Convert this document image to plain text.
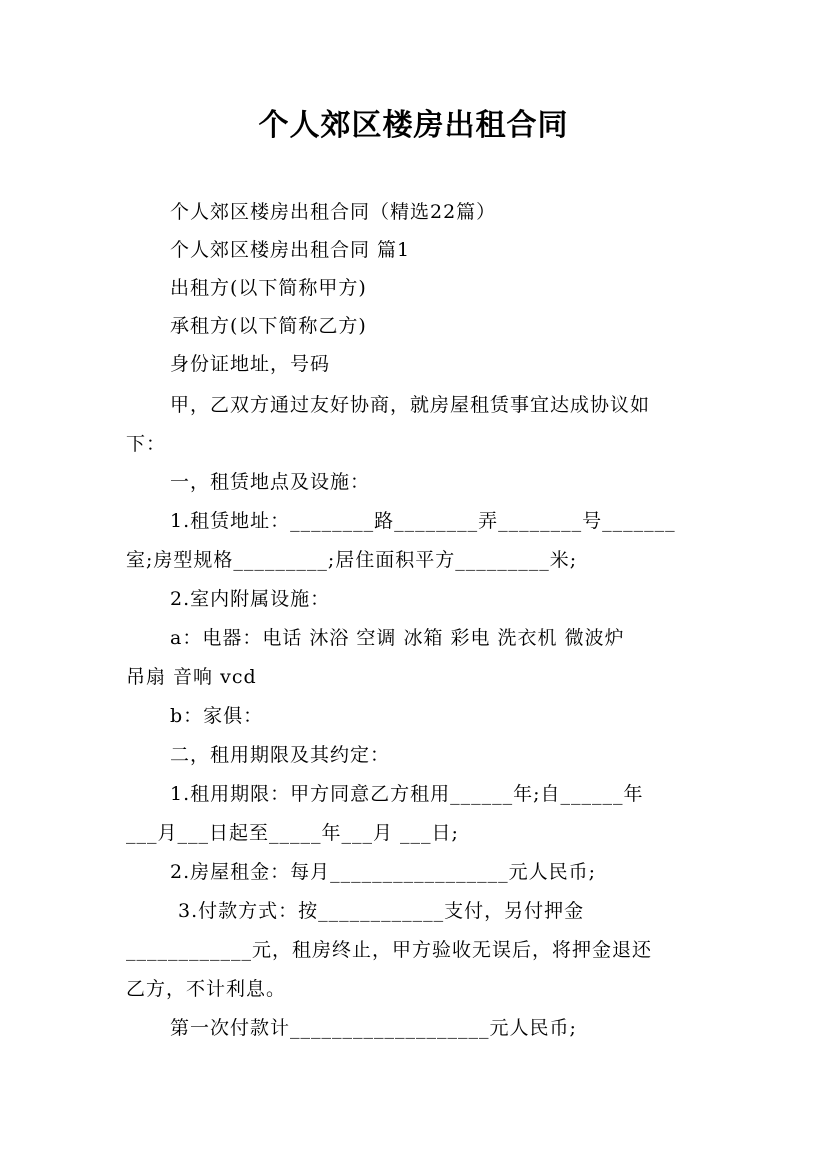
个人郊区楼房出租合同
个人郊区楼房出租合同（精选22篇）
个人郊区楼房出租合同 篇1
出租方(以下简称甲方)
承租方(以下简称乙方)
身份证地址，号码
甲，乙双方通过友好协商，就房屋租赁事宜达成协议如
下：
一，租赁地点及设施：
1.租赁地址：________路________弄________号_______
室;房型规格_________;居住面积平方_________米;
2.室内附属设施：
a：电器：电话 沐浴 空调 冰箱 彩电 洗衣机 微波炉
吊扇 音响 vcd
b：家俱：
二，租用期限及其约定：
1.租用期限：甲方同意乙方租用______年;自______年
___月___日起至_____年___月 ___日;
2.房屋租金：每月_________________元人民币;
3.付款方式：按____________支付，另付押金
____________元，租房终止，甲方验收无误后，将押金退还
乙方，不计利息。
第一次付款计___________________元人民币;
